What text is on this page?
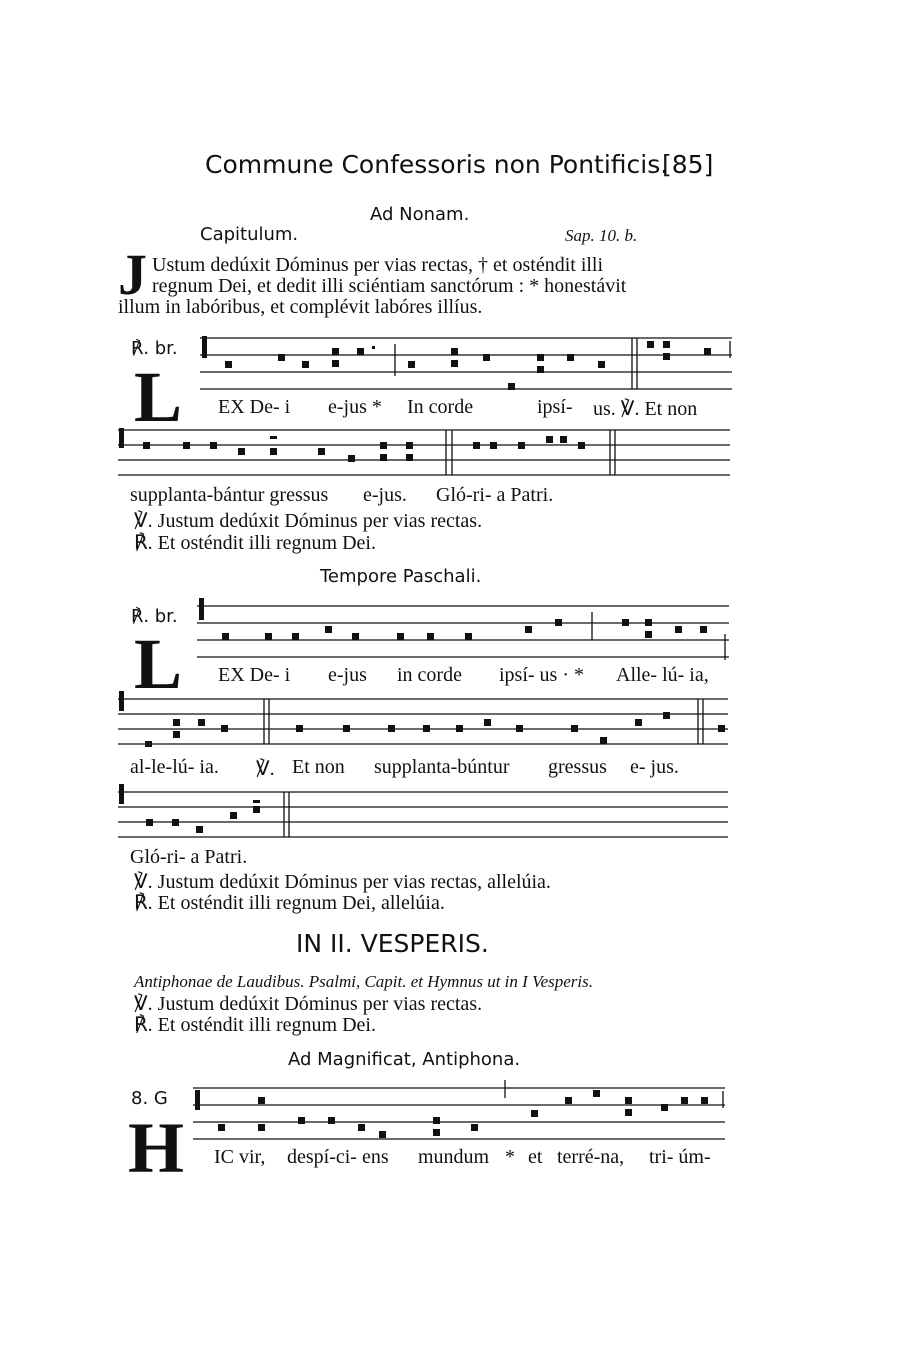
Commune Confessoris non Pontificis.
[85]
Ad Nonam.
Capitulum.	Sap. 10. b.
J Ustum dedúxit Dóminus per vias rectas, † et osténdit illi
regnum Dei, et dedit illi sciéntiam sanctórum : * honestávit
illum in labóribus, et complévit labóres illíus.
℟. br.
L EX De- i e-jus * In corde	ipsí- us. ℣. Et non
supplanta-bántur gressus e-jus. Gló-ri- a Patri.
℣. Justum dedúxit Dóminus per vias rectas.
℟. Et osténdit illi regnum Dei.
Tempore Paschali.
℟. br.
L EX De- i e-jus in corde ipsí- us · * Alle- lú- ia,
al-le-lú- ia. ℣. Et non supplanta-búntur gressus e- jus.
Gló-ri- a Patri.
℣. Justum dedúxit Dóminus per vias rectas, allelúia.
℟. Et osténdit illi regnum Dei, allelúia.
IN II. VESPERIS.
Antiphonae de Laudibus. Psalmi, Capit. et Hymnus ut in I Vesperis.
℣. Justum dedúxit Dóminus per vias rectas.
℟. Et osténdit illi regnum Dei.
Ad Magnificat, Antiphona.
8. G
H IC vir, despí-ci- ens mundum * et terré-na, tri- úm-
